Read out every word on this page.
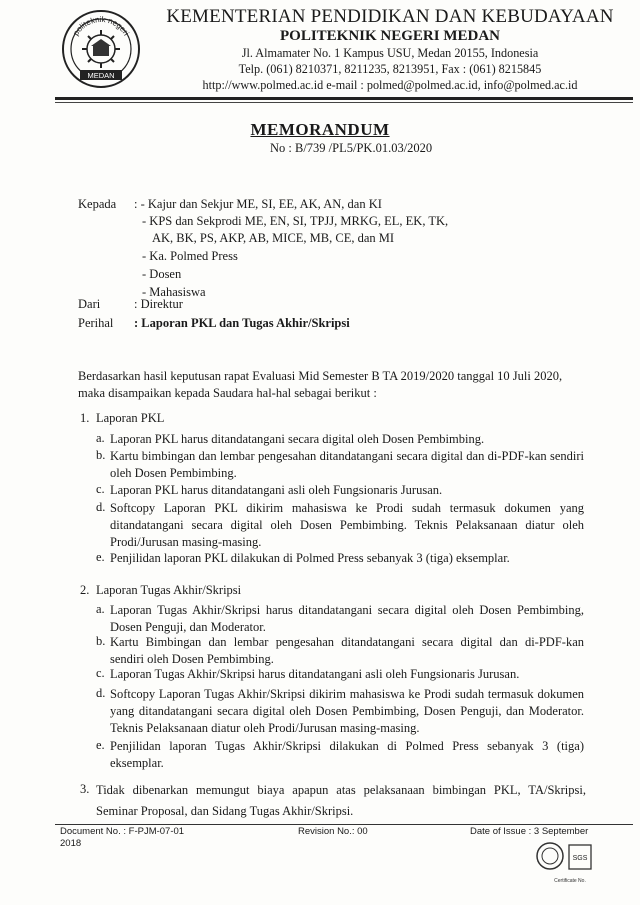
politeknik negeri
MEDAN
KEMENTERIAN PENDIDIKAN DAN KEBUDAYAAN
POLITEKNIK NEGERI MEDAN
Jl. Almamater No. 1 Kampus USU, Medan 20155, Indonesia
Telp. (061) 8210371, 8211235, 8213951, Fax : (061) 8215845
http://www.polmed.ac.id e-mail : polmed@polmed.ac.id, info@polmed.ac.id
MEMORANDUM
No : B/739 /PL5/PK.01.03/2020
Kepada : - Kajur dan Sekjur ME, SI, EE, AK, AN, dan KI
- KPS dan Sekprodi ME, EN, SI, TPJJ, MRKG, EL, EK, TK,
AK, BK, PS, AKP, AB, MICE, MB, CE, dan MI
- Ka. Polmed Press
- Dosen
- Mahasiswa
Dari	: Direktur
Perihal : Laporan PKL dan Tugas Akhir/Skripsi
Berdasarkan hasil keputusan rapat Evaluasi Mid Semester B TA 2019/2020 tanggal 10 Juli 2020, maka disampaikan kepada Saudara hal-hal sebagai berikut :
1. Laporan PKL
a. Laporan PKL harus ditandatangani secara digital oleh Dosen Pembimbing.
b. Kartu bimbingan dan lembar pengesahan ditandatangani secara digital dan di-PDF-kan sendiri oleh Dosen Pembimbing.
c. Laporan PKL harus ditandatangani asli oleh Fungsionaris Jurusan.
d. Softcopy Laporan PKL dikirim mahasiswa ke Prodi sudah termasuk dokumen yang ditandatangani secara digital oleh Dosen Pembimbing. Teknis Pelaksanaan diatur oleh Prodi/Jurusan masing-masing.
e. Penjilidan laporan PKL dilakukan di Polmed Press sebanyak 3 (tiga) eksemplar.
2. Laporan Tugas Akhir/Skripsi
a. Laporan Tugas Akhir/Skripsi harus ditandatangani secara digital oleh Dosen Pembimbing, Dosen Penguji, dan Moderator.
b. Kartu Bimbingan dan lembar pengesahan ditandatangani secara digital dan di-PDF-kan sendiri oleh Dosen Pembimbing.
c. Laporan Tugas Akhir/Skripsi harus ditandatangani asli oleh Fungsionaris Jurusan.
d. Softcopy Laporan Tugas Akhir/Skripsi dikirim mahasiswa ke Prodi sudah termasuk dokumen yang ditandatangani secara digital oleh Dosen Pembimbing, Dosen Penguji, dan Moderator. Teknis Pelaksanaan diatur oleh Prodi/Jurusan masing-masing.
e. Penjilidan laporan Tugas Akhir/Skripsi dilakukan di Polmed Press sebanyak 3 (tiga) eksemplar.
3. Tidak dibenarkan memungut biaya apapun atas pelaksanaan bimbingan PKL, TA/Skripsi, Seminar Proposal, dan Sidang Tugas Akhir/Skripsi.
Document No. : F-PJM-07-01
2018
Revision No.: 00	Date of Issue : 3 September
SGS
Certificate No.
